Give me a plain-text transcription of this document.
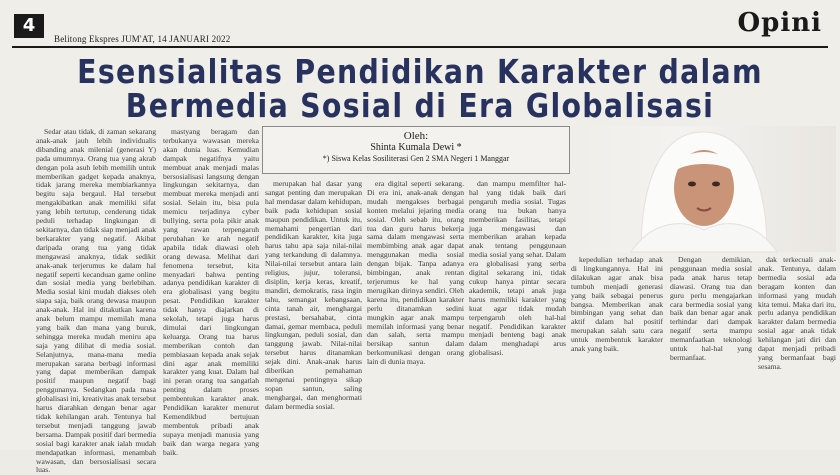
4
Belitong Ekspres JUM'AT, 14 JANUARI 2022
Opini
Esensialitas Pendidikan Karakter dalam
Bermedia Sosial di Era Globalisasi
Oleh:
Shinta Kumala Dewi *
*) Siswa Kelas Sosiliterasi Gen 2 SMA Negeri 1 Manggar

Sedar atau tidak, di zaman sekarang anak-anak jauh lebih individualis dibanding anak milenial (generasi Y) pada umumnya. Orang tua yang akrab dengan pola asuh lebih memilih untuk memberikan gadget kepada anaknya, tidak jarang mereka membiarkannya begitu saja bergaul. Hal tersebut mengakibatkan anak memiliki sifat yang lebih tertutup, cenderung tidak peduli terhadap lingkungan di sekitarnya, dan tidak siap menjadi anak berkarakter yang negatif. Akibat daripada orang tua yang tidak mengawasi anaknya, tidak sedikit anak-anak terjerumus ke dalam hal negatif seperti kecanduan game online dan sosial media yang berlebihan. Media sosial kini mudah diakses oleh siapa saja, baik orang dewasa maupun anak-anak. Hal ini ditakutkan karena anak belum mampu memilah mana yang baik dan mana yang buruk, sehingga mereka mudah meniru apa saja yang dilihat di media sosial. Selanjutnya, mana-mana media merupakan sarana berbagi informasi yang dapat memberikan dampak positif maupun negatif bagi penggunanya. Sedangkan pada masa globalisasi ini, kreativitas anak tersebut harus diarahkan dengan benar agar tidak kehilangan arah. Tentunya hal tersebut menjadi tanggung jawab bersama. Dampak positif dari bermedia sosial bagi karakter anak ialah mudah mendapatkan informasi, menambah wawasan, dan bersosialisasi secara luas.

mastyang beragam dan terbukanya wawasan mereka akan dunia luas. Kemudian dampak negatifnya yaitu membuat anak menjadi malas bersosialisasi langsung dengan lingkungan sekitarnya, dan membuat mereka menjadi anti sosial. Selain itu, bisa pula memicu terjadinya cyber bullying, serta pola pikir anak yang rawan terpengaruh perubahan ke arah negatif apabila tidak diawasi oleh orang dewasa. Melihat dari fenomena tersebut, kita menyadari bahwa penting adanya pendidikan karakter di era globalisasi yang begitu pesat. Pendidikan karakter tidak hanya diajarkan di sekolah, tetapi juga harus dimulai dari lingkungan keluarga. Orang tua harus memberikan contoh dan pembiasaan kepada anak sejak dini agar anak memiliki karakter yang kuat. Dalam hal ini peran orang tua sangatlah penting dalam proses pembentukan karakter anak. Pendidikan karakter menurut Kemendikbud bertujuan membentuk pribadi anak supaya menjadi manusia yang baik dan warga negara yang baik.

merupakan hal dasar yang sangat penting dan merupakan hal mendasar dalam kehidupan, baik pada kehidupan sosial maupun pendidikan. Untuk itu, memahami pengertian dari pendidikan karakter, kita juga harus tahu apa saja nilai-nilai yang terkandung di dalamnya. Nilai-nilai tersebut antara lain religius, jujur, toleransi, disiplin, kerja keras, kreatif, mandiri, demokratis, rasa ingin tahu, semangat kebangsaan, cinta tanah air, menghargai prestasi, bersahabat, cinta damai, gemar membaca, peduli lingkungan, peduli sosial, dan tanggung jawab. Nilai-nilai tersebut harus ditanamkan sejak dini. Anak-anak harus diberikan pemahaman mengenai pentingnya sikap sopan santun, saling menghargai, dan menghormati dalam bermedia sosial.

era digital seperti sekarang. Di era ini, anak-anak dengan mudah mengakses berbagai konten melalui jejaring media sosial. Oleh sebab itu, orang tua dan guru harus bekerja sama dalam mengawasi serta membimbing anak agar dapat menggunakan media sosial dengan bijak. Tanpa adanya bimbingan, anak rentan terjerumus ke hal yang merugikan dirinya sendiri. Oleh karena itu, pendidikan karakter perlu ditanamkan sedini mungkin agar anak mampu memilah informasi yang benar dan salah, serta mampu bersikap santun dalam berkomunikasi dengan orang lain di dunia maya.

dan mampu memfilter hal-hal yang tidak baik dari pengaruh media sosial. Tugas orang tua bukan hanya memberikan fasilitas, tetapi juga mengawasi dan memberikan arahan kepada anak tentang penggunaan media sosial yang sehat. Dalam era globalisasi yang serba digital sekarang ini, tidak cukup hanya pintar secara akademik, tetapi anak juga harus memiliki karakter yang kuat agar tidak mudah terpengaruh oleh hal-hal negatif. Pendidikan karakter menjadi benteng bagi anak dalam menghadapi arus globalisasi.

kepedulian terhadap anak di lingkungannya. Hal ini dilakukan agar anak bisa tumbuh menjadi generasi yang baik sebagai penerus bangsa. Memberikan anak bimbingan yang sehat dan aktif dalam hal positif merupakan salah satu cara untuk membentuk karakter anak yang baik.

Dengan demikian, penggunaan media sosial pada anak harus tetap diawasi. Orang tua dan guru perlu mengajarkan cara bermedia sosial yang baik dan benar agar anak terhindar dari dampak negatif serta mampu memanfaatkan teknologi untuk hal-hal yang bermanfaat.

dak terkecuali anak-anak. Tentunya, dalam bermedia sosial ada beragam konten dan informasi yang mudah kita temui. Maka dari itu, perlu adanya pendidikan karakter dalam bermedia sosial agar anak tidak kehilangan jati diri dan dapat menjadi pribadi yang bermanfaat bagi sesama.
